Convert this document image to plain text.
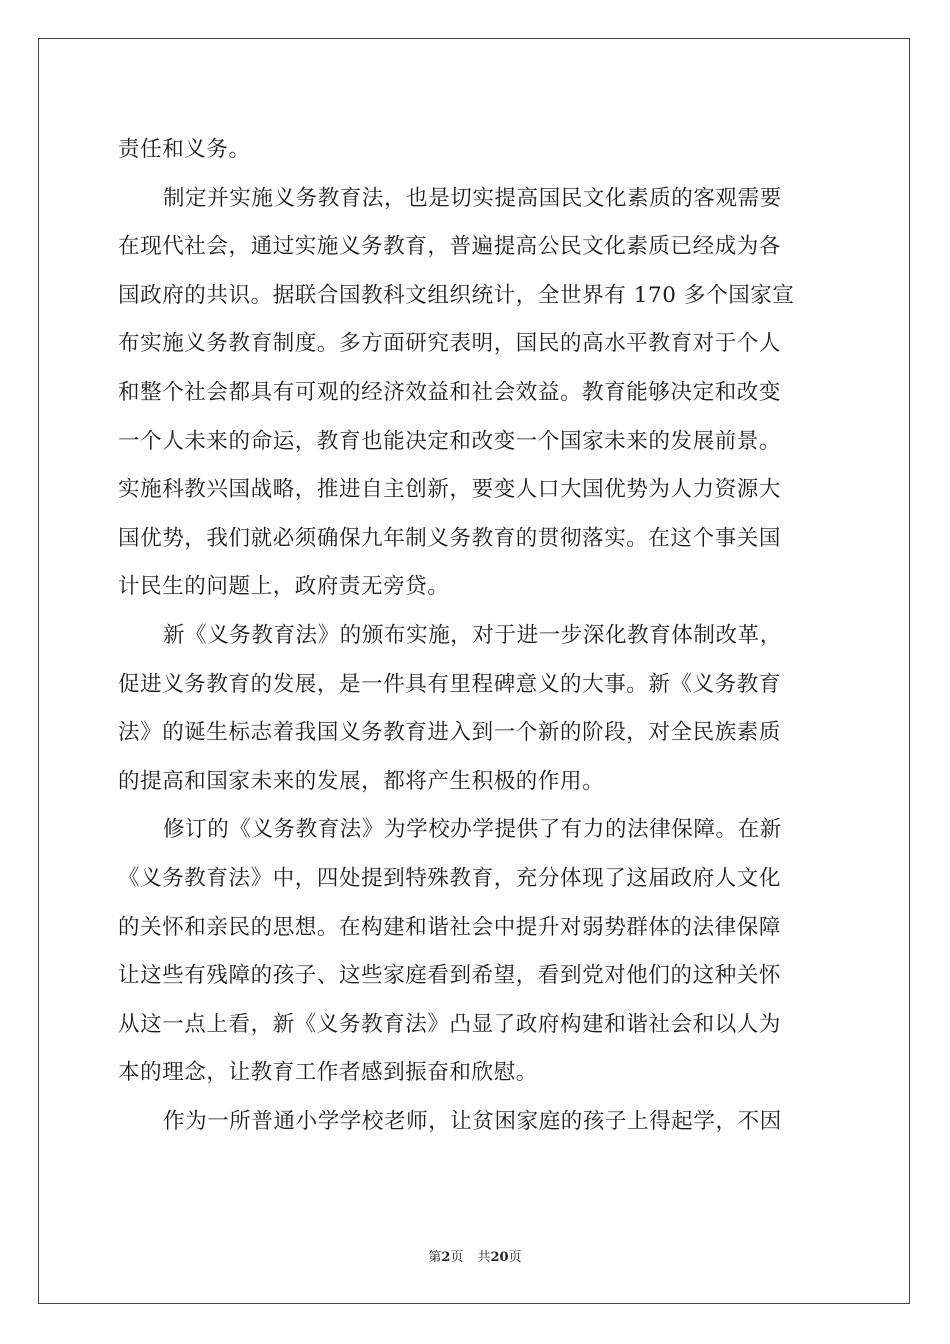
责任和义务。
制定并实施义务教育法，也是切实提高国民文化素质的客观需要
在现代社会，通过实施义务教育，普遍提高公民文化素质已经成为各
国政府的共识。据联合国教科文组织统计，全世界有 170 多个国家宣
布实施义务教育制度。多方面研究表明，国民的高水平教育对于个人
和整个社会都具有可观的经济效益和社会效益。教育能够决定和改变
一个人未来的命运，教育也能决定和改变一个国家未来的发展前景。
实施科教兴国战略，推进自主创新，要变人口大国优势为人力资源大
国优势，我们就必须确保九年制义务教育的贯彻落实。在这个事关国
计民生的问题上，政府责无旁贷。
新《义务教育法》的颁布实施，对于进一步深化教育体制改革，
促进义务教育的发展，是一件具有里程碑意义的大事。新《义务教育
法》的诞生标志着我国义务教育进入到一个新的阶段，对全民族素质
的提高和国家未来的发展，都将产生积极的作用。
修订的《义务教育法》为学校办学提供了有力的法律保障。在新
《义务教育法》中，四处提到特殊教育，充分体现了这届政府人文化
的关怀和亲民的思想。在构建和谐社会中提升对弱势群体的法律保障
让这些有残障的孩子、这些家庭看到希望，看到党对他们的这种关怀
从这一点上看，新《义务教育法》凸显了政府构建和谐社会和以人为
本的理念，让教育工作者感到振奋和欣慰。
作为一所普通小学学校老师，让贫困家庭的孩子上得起学，不因
第2页 共20页
